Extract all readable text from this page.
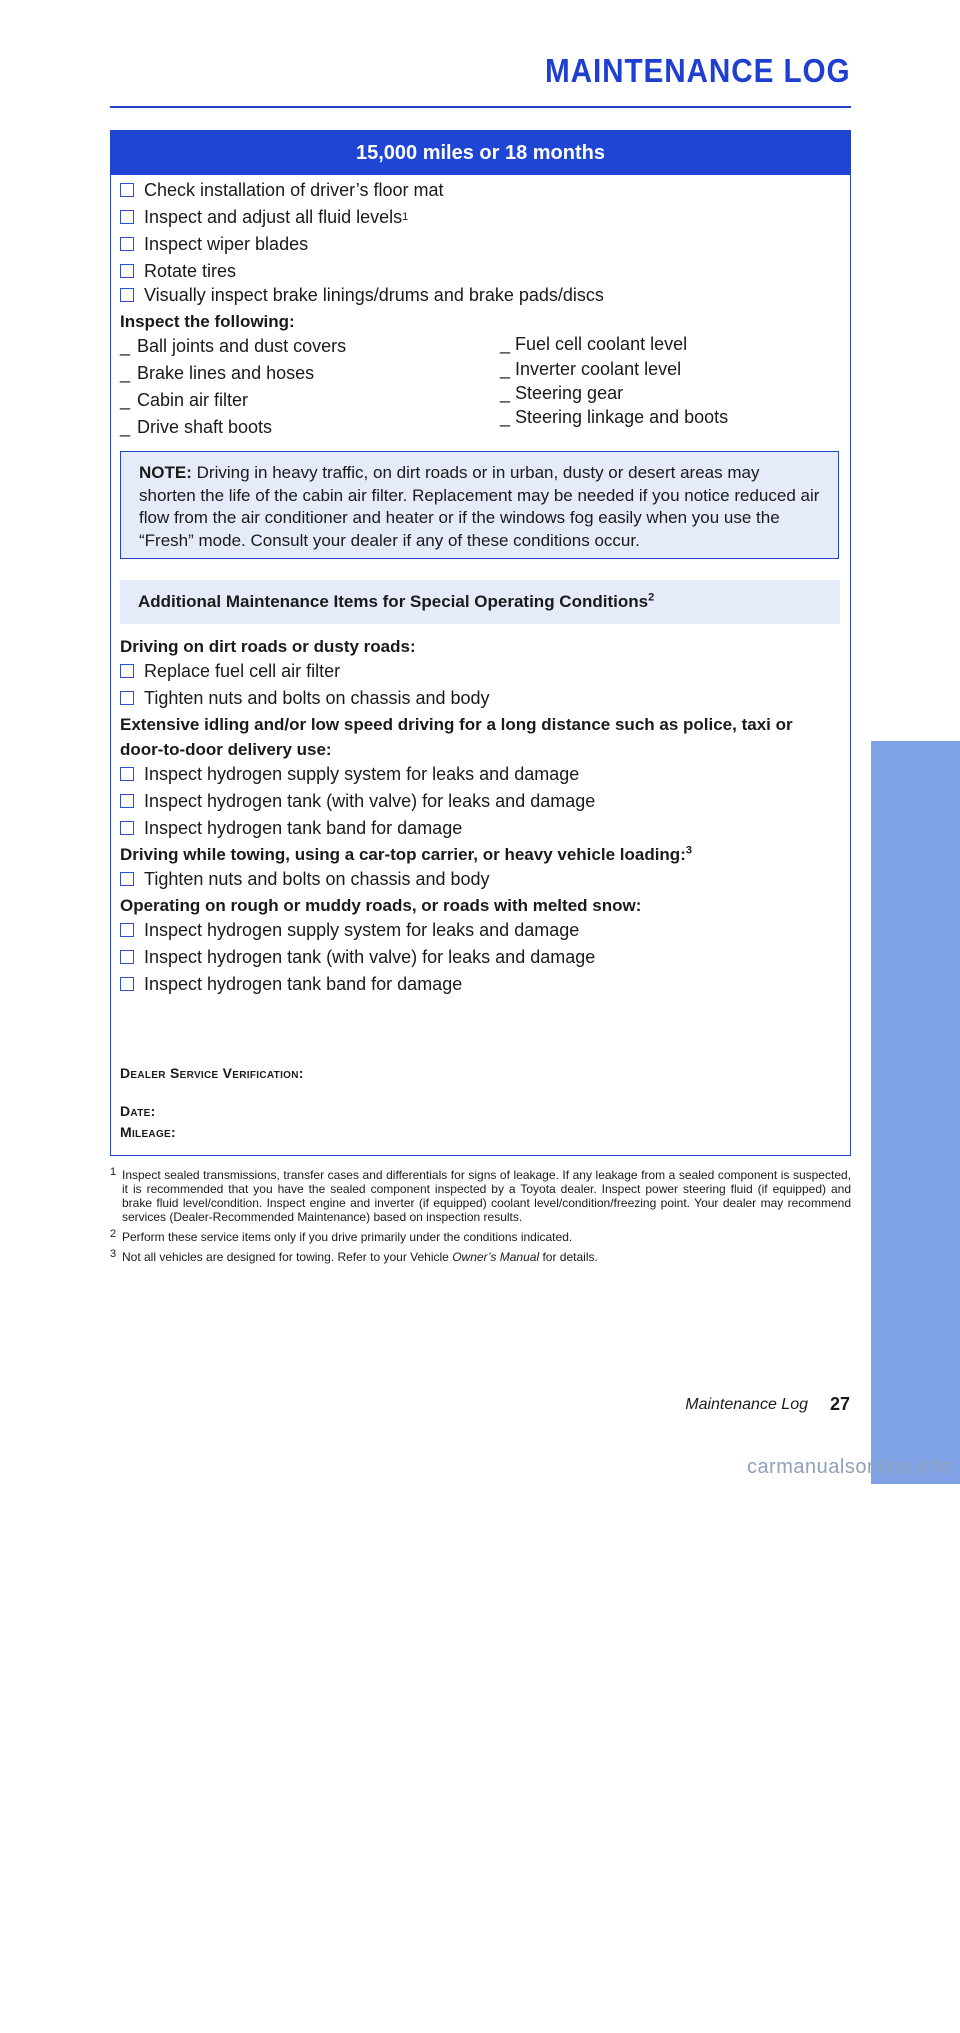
MAINTENANCE LOG
MAINTENANCE
15,000 miles or 18 months
Check installation of driver’s floor mat
Inspect and adjust all fluid levels 1
Inspect wiper blades
Rotate tires
Visually inspect brake linings/drums and brake pads/discs
Inspect the following:
_ Ball joints and dust covers
_ Brake lines and hoses
_ Cabin air filter
_ Drive shaft boots
_ Fuel cell coolant level
_ Inverter coolant level
_ Steering gear
_ Steering linkage and boots
NOTE: Driving in heavy traffic, on dirt roads or in urban, dusty or desert areas may shorten the life of the cabin air filter. Replacement may be needed if you notice reduced air flow from the air conditioner and heater or if the windows fog easily when you use the “Fresh” mode. Consult your dealer if any of these conditions occur.
Additional Maintenance Items for Special Operating Conditions$^2$
Driving on dirt roads or dusty roads:
Replace fuel cell air filter
Tighten nuts and bolts on chassis and body
Extensive idling and/or low speed driving for a long distance such as police, taxi or
door-to-door delivery use:
Inspect hydrogen supply system for leaks and damage
Inspect hydrogen tank (with valve) for leaks and damage
Inspect hydrogen tank band for damage
Driving while towing, using a car-top carrier, or heavy vehicle loading:$^3$
Tighten nuts and bolts on chassis and body
Operating on rough or muddy roads, or roads with melted snow:
Inspect hydrogen supply system for leaks and damage
Inspect hydrogen tank (with valve) for leaks and damage
Inspect hydrogen tank band for damage
Dealer Service Verification:
Date:
Mileage:
1 Inspect sealed transmissions, transfer cases and differentials for signs of leakage. If any leakage from a sealed component is suspected, it is recommended that you have the sealed component inspected by a Toyota dealer. Inspect power steering fluid (if equipped) and brake fluid level/condition. Inspect engine and inverter (if equipped) coolant level/condition/freezing point. Your dealer may recommend services (Dealer-Recommended Maintenance) based on inspection results.
2 Perform these service items only if you drive primarily under the conditions indicated.
3 Not all vehicles are designed for towing. Refer to your Vehicle Owner’s Manual for details.
Maintenance Log 27
carmanualsonline.info
